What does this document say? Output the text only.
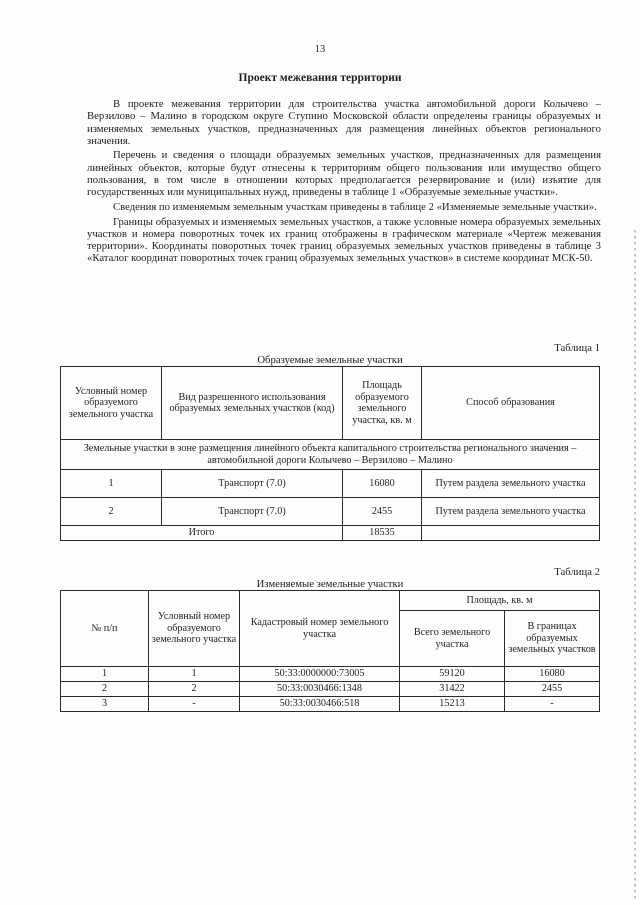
13
Проект межевания территории

В проекте межевания территории для строительства участка автомобильной дороги Колычево – Верзилово – Малино в городском округе Ступино Московской области определены границы образуемых и изменяемых земельных участков, предназначенных для размещения линейных объектов регионального значения.

Перечень и сведения о площади образуемых земельных участков, предназначенных для размещения линейных объектов, которые будут отнесены к территориям общего пользования или имущество общего пользования, в том числе в отношении которых предполагается резервирование и (или) изъятие для государственных или муниципальных нужд, приведены в таблице 1 «Образуемые земельные участки».

Сведения по изменяемым земельным участкам приведены в таблице 2 «Изменяемые земельные участки».

Границы образуемых и изменяемых земельных участков, а также условные номера образуемых земельных участков и номера поворотных точек их границ отображены в графическом материале «Чертеж межевания территории». Координаты поворотных точек границ образуемых земельных участков приведены в таблице 3 «Каталог координат поворотных точек границ образуемых земельных участков» в системе координат МСК-50.

Таблица 1
Образуемые земельные участки
Условный номер образуемого земельного участка	Вид разрешенного использования образуемых земельных участков (код)	Площадь образуемого земельного участка, кв. м	Способ образования
Земельные участки в зоне размещения линейного объекта капитального строительства регионального значения – автомобильной дороги Колычево – Верзилово – Малино			
1	Транспорт (7.0)	16080	Путем раздела земельного участка
2	Транспорт (7.0)	2455	Путем раздела земельного участка
Итого		18535	
Таблица 2
Изменяемые земельные участки
№ п/п	Условный номер образуемого земельного участка	Кадастровый номер земельного участка	Площадь, кв. м	
			Всего земельного участка	В границах образуемых земельных участков
1	1	50:33:0000000:73005	59120	16080
2	2	50:33:0030466:1348	31422	2455
3	-	50:33:0030466:518	15213	-
